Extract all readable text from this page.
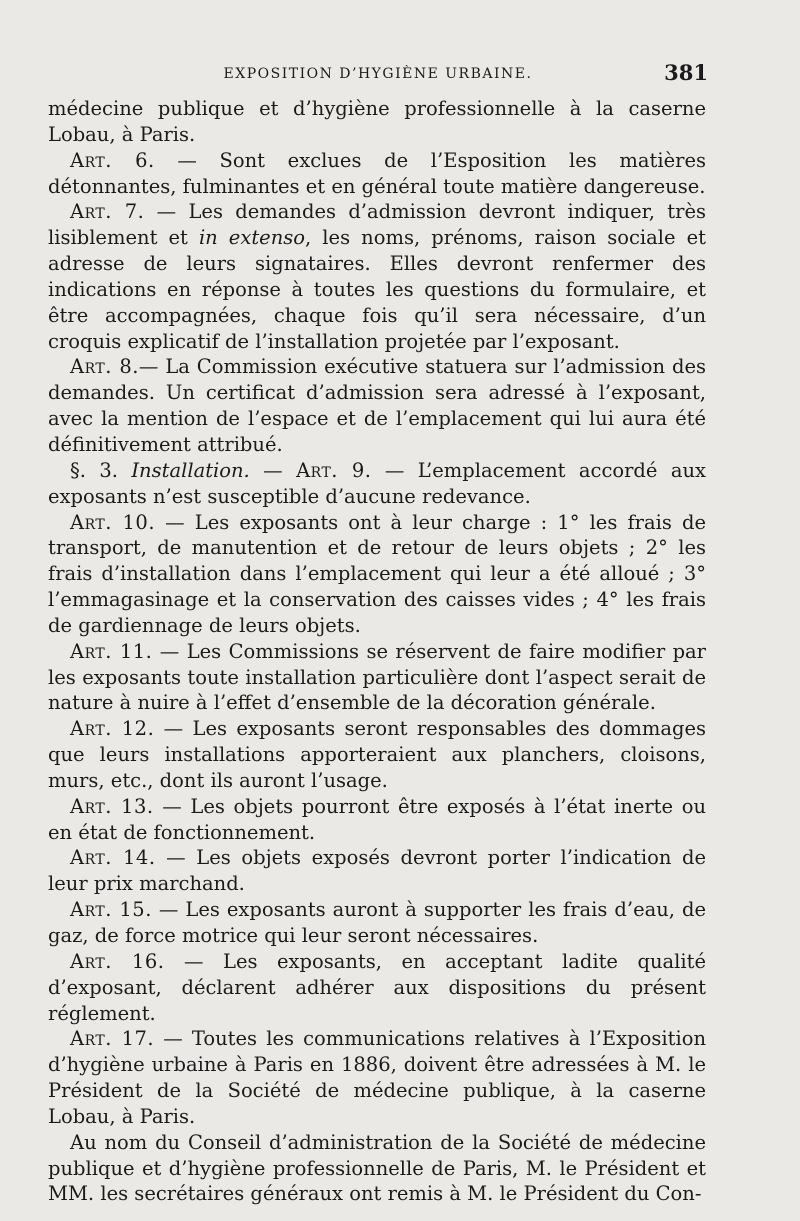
EXPOSITION D’HYGIÈNE URBAINE.	381

médecine publique et d’hygiène professionnelle à la caserne Lobau, à Paris.

Art. 6. — Sont exclues de l’Esposition les matières détonnantes, fulminantes et en général toute matière dangereuse.

Art. 7. — Les demandes d’admission devront indiquer, très lisiblement et in extenso, les noms, prénoms, raison sociale et adresse de leurs signataires. Elles devront renfermer des indications en réponse à toutes les questions du formulaire, et être accompagnées, chaque fois qu’il sera nécessaire, d’un croquis explicatif de l’installation projetée par l’exposant.

Art. 8.— La Commission exécutive statuera sur l’admission des demandes. Un certificat d’admission sera adressé à l’exposant, avec la mention de l’espace et de l’emplacement qui lui aura été définitivement attribué.

§. 3. Installation. — Art. 9. — L’emplacement accordé aux exposants n’est susceptible d’aucune redevance.

Art. 10. — Les exposants ont à leur charge : 1° les frais de transport, de manutention et de retour de leurs objets ; 2° les frais d’installation dans l’emplacement qui leur a été alloué ; 3° l’emmagasinage et la conservation des caisses vides ; 4° les frais de gardiennage de leurs objets.

Art. 11. — Les Commissions se réservent de faire modifier par les exposants toute installation particulière dont l’aspect serait de nature à nuire à l’effet d’ensemble de la décoration générale.

Art. 12. — Les exposants seront responsables des dommages que leurs installations apporteraient aux planchers, cloisons, murs, etc., dont ils auront l’usage.

Art. 13. — Les objets pourront être exposés à l’état inerte ou en état de fonctionnement.

Art. 14. — Les objets exposés devront porter l’indication de leur prix marchand.

Art. 15. — Les exposants auront à supporter les frais d’eau, de gaz, de force motrice qui leur seront nécessaires.

Art. 16. — Les exposants, en acceptant ladite qualité d’exposant, déclarent adhérer aux dispositions du présent réglement.

Art. 17. — Toutes les communications relatives à l’Exposition d’hygiène urbaine à Paris en 1886, doivent être adressées à M. le Président de la Société de médecine publique, à la caserne Lobau, à Paris.

Au nom du Conseil d’administration de la Société de médecine publique et d’hygiène professionnelle de Paris, M. le Président et MM. les secrétaires généraux ont remis à M. le Président du Con-
